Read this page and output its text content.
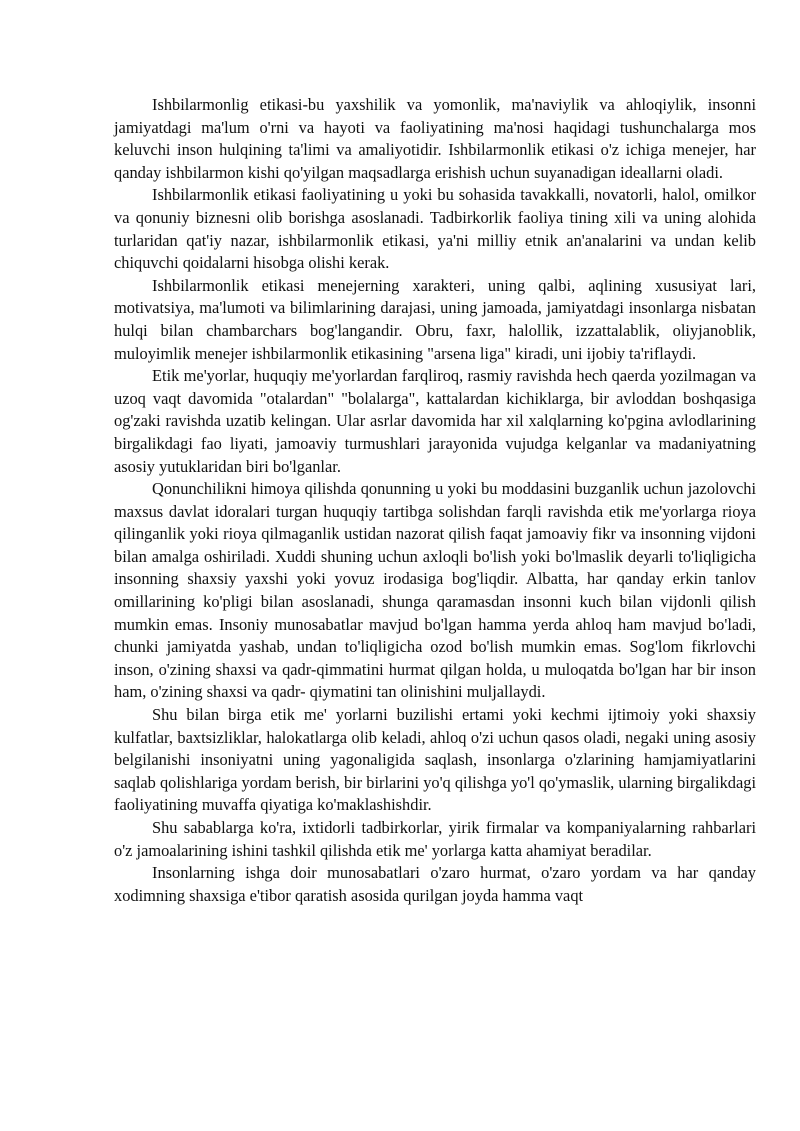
Ishbilarmonlig etikasi-bu yaxshilik va yomonlik, ma'naviylik va ahloqiylik, insonni jamiyatdagi ma'lum o'rni va hayoti va faoliyatining ma'nosi haqidagi tushunchalarga mos keluvchi inson hulqining ta'limi va amaliyotidir. Ishbilarmonlik etikasi o'z ichiga menejer, har qanday ishbilarmon kishi qo'yilgan maqsadlarga erishish uchun suyanadigan ideallarni oladi.

Ishbilarmonlik etikasi faoliyatining u yoki bu sohasida tavakkalli, novatorli, halol, omilkor va qonuniy biznesni olib borishga asoslanadi. Tadbirkorlik faoliya tining xili va uning alohida turlaridan qat'iy nazar, ishbilarmonlik etikasi, ya'ni milliy etnik an'analarini va undan kelib chiquvchi qoidalarni hisobga olishi kerak.

Ishbilarmonlik etikasi menejerning xarakteri, uning qalbi, aqlining xususiyat lari, motivatsiya, ma'lumoti va bilimlarining darajasi, uning jamoada, jamiyatdagi insonlarga nisbatan hulqi bilan chambarchars bog'langandir. Obru, faxr, halollik, izzattalablik, oliyjanoblik, muloyimlik menejer ishbilarmonlik etikasining "arsena liga" kiradi, uni ijobiy ta'riflaydi.

Etik me'yorlar, huquqiy me'yorlardan farqliroq, rasmiy ravishda hech qaerda yozilmagan va uzoq vaqt davomida "otalardan" "bolalarga", kattalardan kichiklarga, bir avloddan boshqasiga og'zaki ravishda uzatib kelingan. Ular asrlar davomida har xil xalqlarning ko'pgina avlodlarining birgalikdagi fao liyati, jamoaviy turmushlari jarayonida vujudga kelganlar va madaniyatning asosiy yutuklaridan biri bo'lganlar.

Qonunchilikni himoya qilishda qonunning u yoki bu moddasini buzganlik uchun jazolovchi maxsus davlat idoralari turgan huquqiy tartibga solishdan farqli ravishda etik me'yorlarga rioya qilinganlik yoki rioya qilmaganlik ustidan nazorat qilish faqat jamoaviy fikr va insonning vijdoni bilan amalga oshiriladi. Xuddi shuning uchun axloqli bo'lish yoki bo'lmaslik deyarli to'liqligicha insonning shaxsiy yaxshi yoki yovuz irodasiga bog'liqdir. Albatta, har qanday erkin tanlov omillarining ko'pligi bilan asoslanadi, shunga qaramasdan insonni kuch bilan vijdonli qilish mumkin emas. Insoniy munosabatlar mavjud bo'lgan hamma yerda ahloq ham mavjud bo'ladi, chunki jamiyatda yashab, undan to'liqligicha ozod bo'lish mumkin emas. Sog'lom fikrlovchi inson, o'zining shaxsi va qadr-qimmatini hurmat qilgan holda, u muloqatda bo'lgan har bir inson ham, o'zining shaxsi va qadr- qiymatini tan olinishini muljallaydi.

Shu bilan birga etik me' yorlarni buzilishi ertami yoki kechmi ijtimoiy yoki shaxsiy kulfatlar, baxtsizliklar, halokatlarga olib keladi, ahloq o'zi uchun qasos oladi, negaki uning asosiy belgilanishi insoniyatni uning yagonaligida saqlash, insonlarga o'zlarining hamjamiyatlarini saqlab qolishlariga yordam berish, bir birlarini yo'q qilishga yo'l qo'ymaslik, ularning birgalikdagi faoliyatining muvaffa qiyatiga ko'maklashishdir.

Shu sabablarga ko'ra, ixtidorli tadbirkorlar, yirik firmalar va kompaniyalarning rahbarlari o'z jamoalarining ishini tashkil qilishda etik me' yorlarga katta ahamiyat beradilar.

Insonlarning ishga doir munosabatlari o'zaro hurmat, o'zaro yordam va har qanday xodimning shaxsiga e'tibor qaratish asosida qurilgan joyda hamma vaqt
